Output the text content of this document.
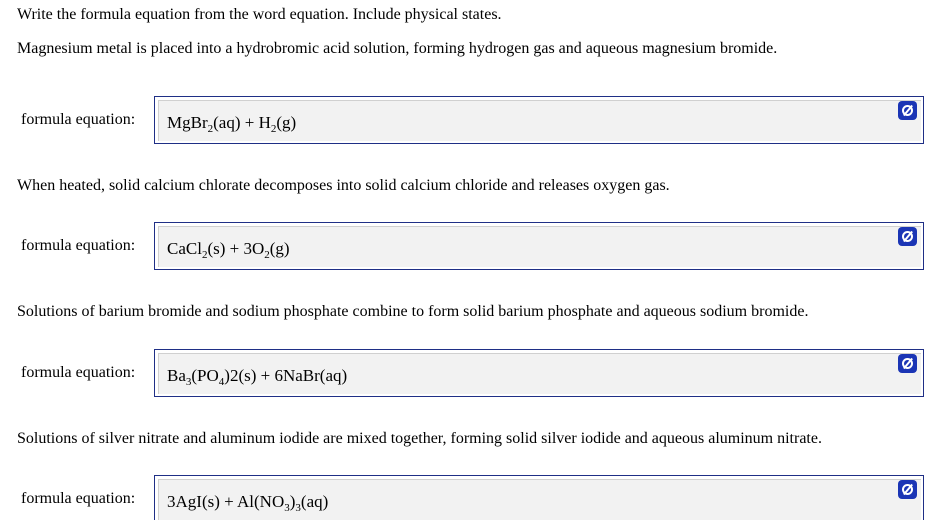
Write the formula equation from the word equation. Include physical states.
Magnesium metal is placed into a hydrobromic acid solution, forming hydrogen gas and aqueous magnesium bromide.
formula equation: MgBr$_2$(aq) + $H_2(g)$
When heated, solid calcium chlorate decomposes into solid calcium chloride and releases oxygen gas.
formula equation: CaCl$_2$(s) + $3O_2(g)$
Solutions of barium bromide and sodium phosphate combine to form solid barium phosphate and aqueous sodium bromide.
formula equation: $Ba_3(PO_4)2(s)$ + 6NaBr(aq)
Solutions of silver nitrate and aluminum iodide are mixed together, forming solid silver iodide and aqueous aluminum nitrate.
formula equation: $3AgI(s) + Al(NO_3)_3(aq)$
